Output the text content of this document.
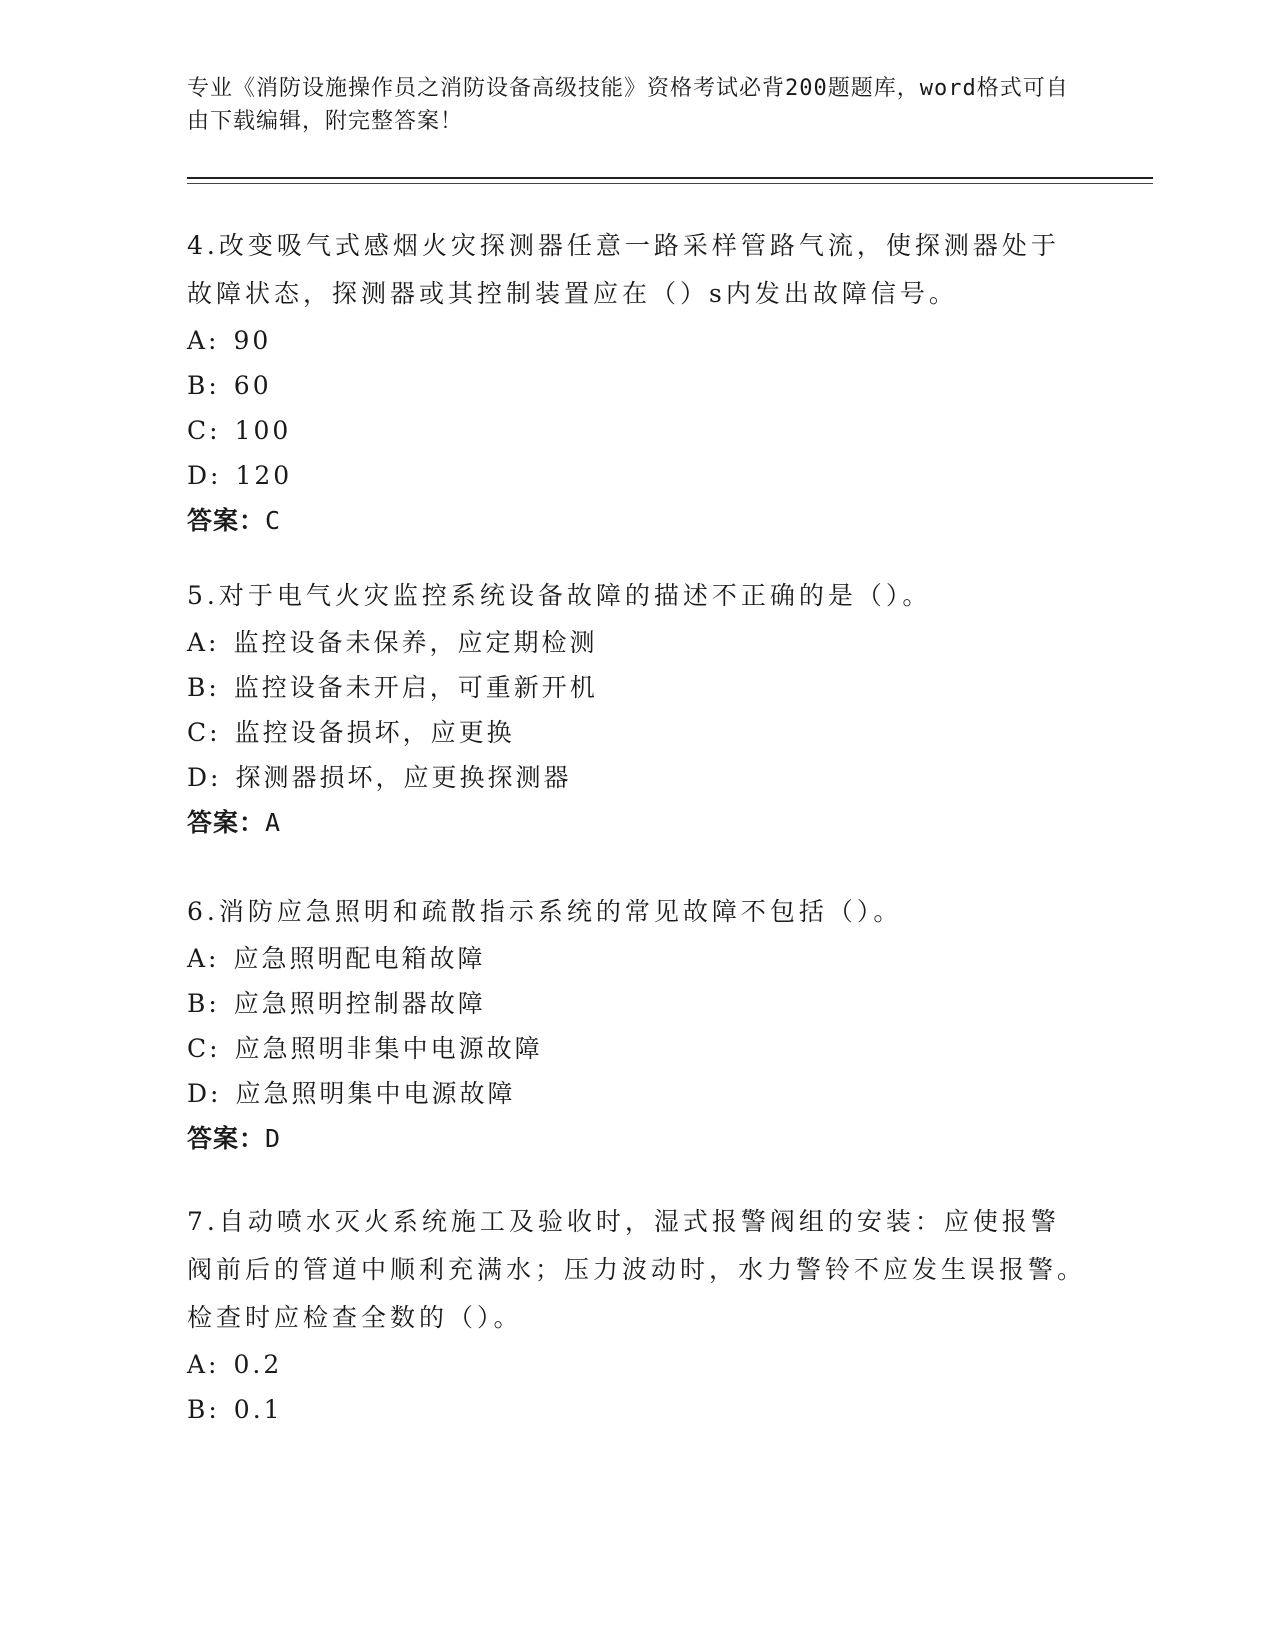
专业《消防设施操作员之消防设备高级技能》资格考试必背200题题库，word格式可自由下载编辑，附完整答案！

4.改变吸气式感烟火灾探测器任意一路采样管路气流，使探测器处于故障状态，探测器或其控制装置应在（）s内发出故障信号。

A: 90

B: 60

C: 100

D: 120

答案：C

5.对于电气火灾监控系统设备故障的描述不正确的是（）。

A: 监控设备未保养，应定期检测

B: 监控设备未开启，可重新开机

C: 监控设备损坏，应更换

D: 探测器损坏，应更换探测器

答案：A

6.消防应急照明和疏散指示系统的常见故障不包括（）。

A: 应急照明配电箱故障

B: 应急照明控制器故障

C: 应急照明非集中电源故障

D: 应急照明集中电源故障

答案：D

7.自动喷水灭火系统施工及验收时，湿式报警阀组的安装：应使报警阀前后的管道中顺利充满水；压力波动时，水力警铃不应发生误报警。检查时应检查全数的（）。

A: 0.2

B: 0.1
